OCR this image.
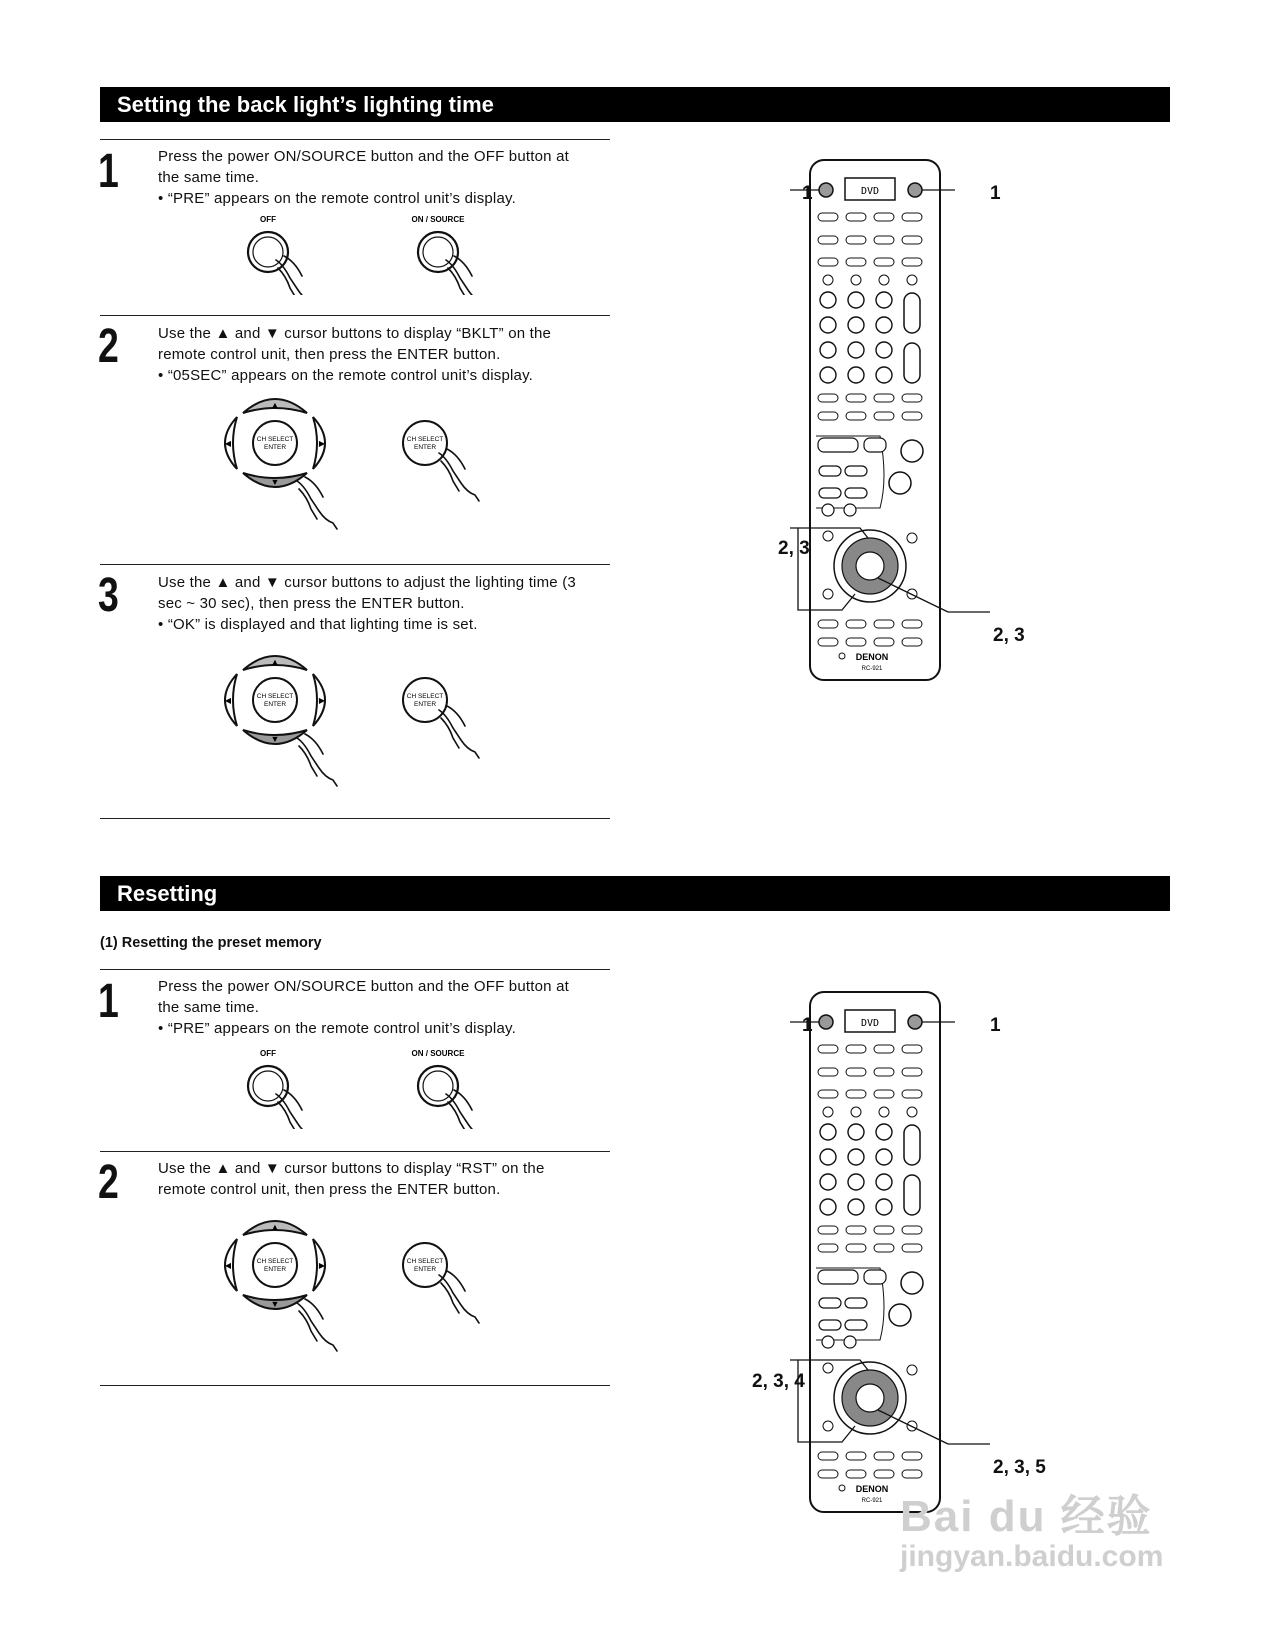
Setting the back light’s lighting time
1	Press the power ON/SOURCE button and the OFF button at
the same time.
• “PRE” appears on the remote control unit’s display.
OFF	ON / SOURCE
2	Use the ▲ and ▼ cursor buttons to display “BKLT” on the
remote control unit, then press the ENTER button.
• “05SEC” appears on the remote control unit’s display.
CH SELECT
ENTER
▲
▼
◀	▶	CH SELECT
ENTER
3	Use the ▲ and ▼ cursor buttons to adjust the lighting time (3
sec ~ 30 sec), then press the ENTER button.
• “OK” is displayed and that lighting time is set.
CH SELECT
ENTER
▲
▼
◀	▶	CH SELECT
ENTER
DVD
DENON
RC-921
1	1
2, 3
2, 3
Resetting
(1) Resetting the preset memory
1	Press the power ON/SOURCE button and the OFF button at
the same time.
• “PRE” appears on the remote control unit’s display.
OFF	ON / SOURCE
2	Use the ▲ and ▼ cursor buttons to display “RST” on the
remote control unit, then press the ENTER button.
CH SELECT
ENTER
▲
▼
◀	▶	CH SELECT
ENTER
DVD
DENON
RC-921
1	1
2, 3, 4
2, 3, 5
Bai du 经验
jingyan.baidu.com
